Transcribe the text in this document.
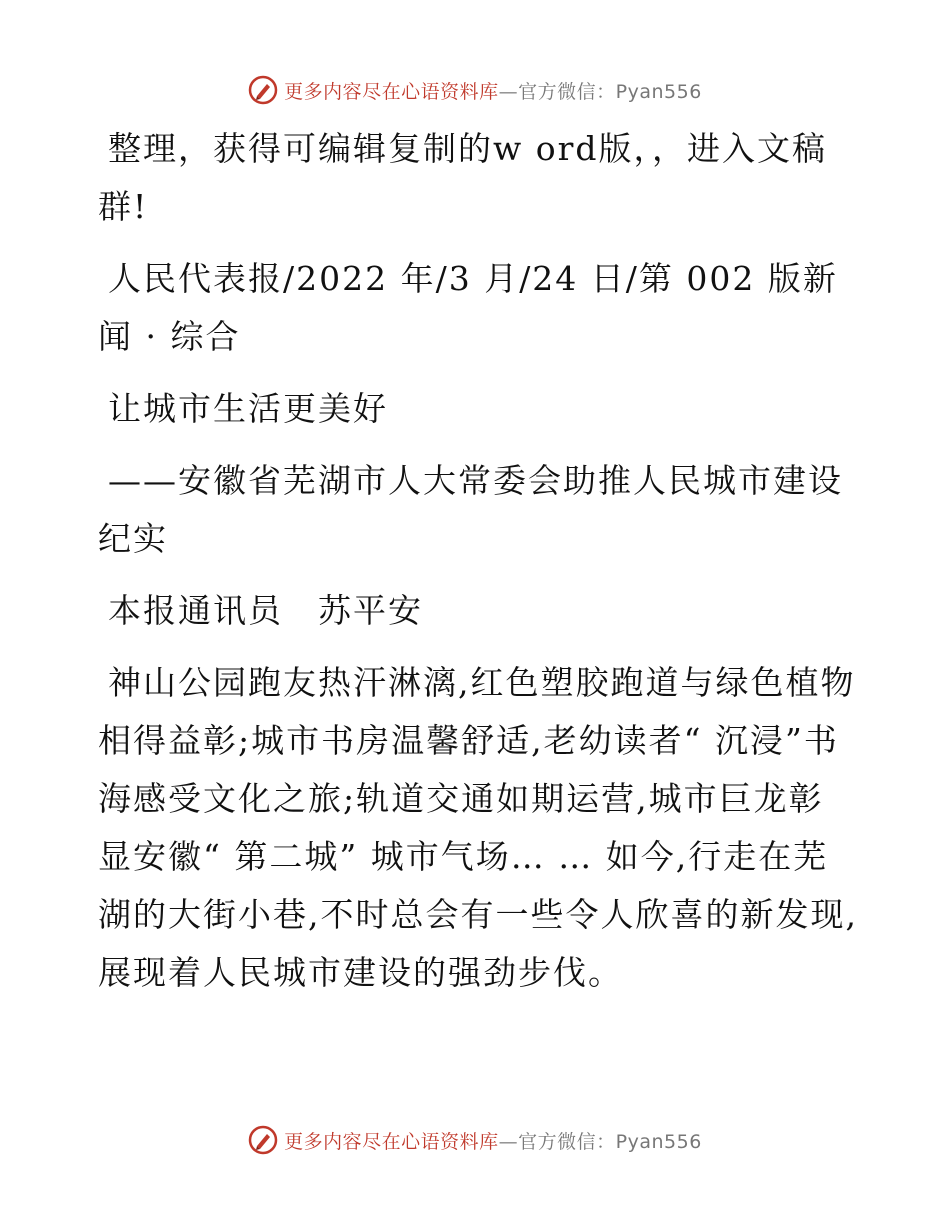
更多内容尽在心语资料库—官方微信：Pyan556

整理，获得可编辑复制的w ord版，，进入文稿群!

人民代表报/2022 年/3 月/24 日/第 002 版新闻 · 综合

让城市生活更美好

——安徽省芜湖市人大常委会助推人民城市建设纪实

本报通讯员　苏平安

神山公园跑友热汗淋漓,红色塑胶跑道与绿色植物相得益彰;城市书房温馨舒适,老幼读者“ 沉浸”书海感受文化之旅;轨道交通如期运营,城市巨龙彰显安徽“ 第二城” 城市气场… … 如今,行走在芜湖的大街小巷,不时总会有一些令人欣喜的新发现,展现着人民城市建设的强劲步伐。

更多内容尽在心语资料库—官方微信：Pyan556
